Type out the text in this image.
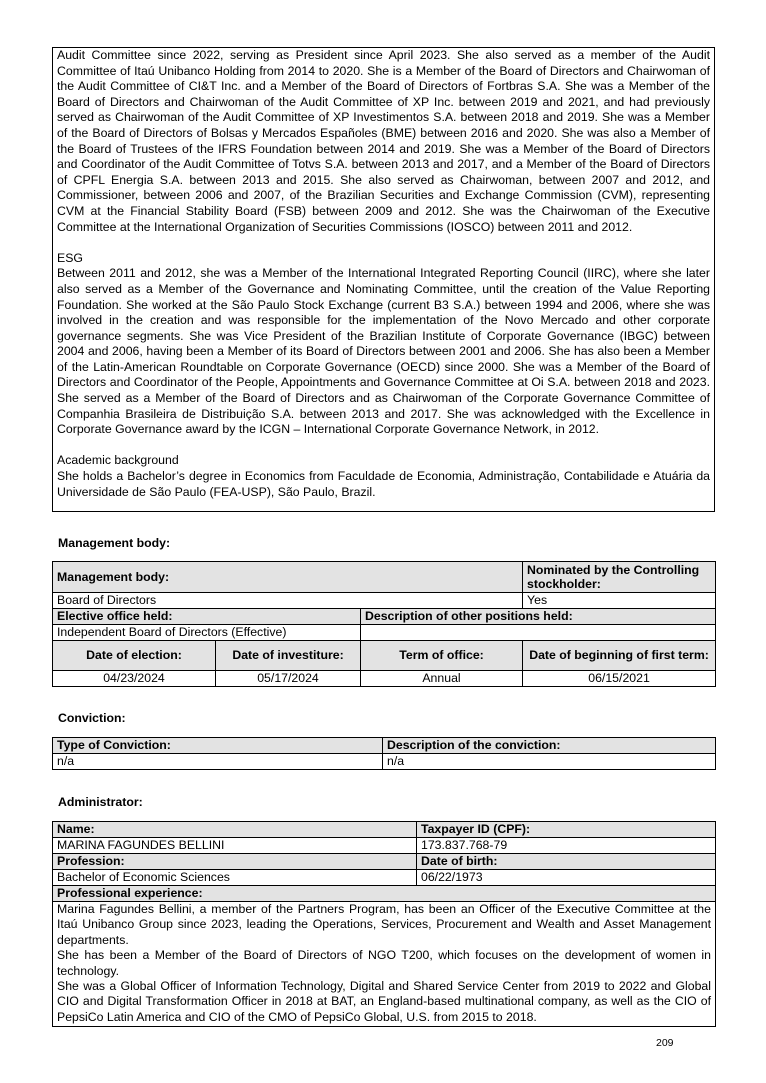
Audit Committee since 2022, serving as President since April 2023. She also served as a member of the Audit Committee of Itaú Unibanco Holding from 2014 to 2020. She is a Member of the Board of Directors and Chairwoman of the Audit Committee of CI&T Inc. and a Member of the Board of Directors of Fortbras S.A. She was a Member of the Board of Directors and Chairwoman of the Audit Committee of XP Inc. between 2019 and 2021, and had previously served as Chairwoman of the Audit Committee of XP Investimentos S.A. between 2018 and 2019. She was a Member of the Board of Directors of Bolsas y Mercados Españoles (BME) between 2016 and 2020. She was also a Member of the Board of Trustees of the IFRS Foundation between 2014 and 2019. She was a Member of the Board of Directors and Coordinator of the Audit Committee of Totvs S.A. between 2013 and 2017, and a Member of the Board of Directors of CPFL Energia S.A. between 2013 and 2015. She also served as Chairwoman, between 2007 and 2012, and Commissioner, between 2006 and 2007, of the Brazilian Securities and Exchange Commission (CVM), representing CVM at the Financial Stability Board (FSB) between 2009 and 2012. She was the Chairwoman of the Executive Committee at the International Organization of Securities Commissions (IOSCO) between 2011 and 2012.

ESG

Between 2011 and 2012, she was a Member of the International Integrated Reporting Council (IIRC), where she later also served as a Member of the Governance and Nominating Committee, until the creation of the Value Reporting Foundation. She worked at the São Paulo Stock Exchange (current B3 S.A.) between 1994 and 2006, where she was involved in the creation and was responsible for the implementation of the Novo Mercado and other corporate governance segments. She was Vice President of the Brazilian Institute of Corporate Governance (IBGC) between 2004 and 2006, having been a Member of its Board of Directors between 2001 and 2006. She has also been a Member of the Latin-American Roundtable on Corporate Governance (OECD) since 2000. She was a Member of the Board of Directors and Coordinator of the People, Appointments and Governance Committee at Oi S.A. between 2018 and 2023. She served as a Member of the Board of Directors and as Chairwoman of the Corporate Governance Committee of Companhia Brasileira de Distribuição S.A. between 2013 and 2017. She was acknowledged with the Excellence in Corporate Governance award by the ICGN – International Corporate Governance Network, in 2012.

Academic background

She holds a Bachelor’s degree in Economics from Faculdade de Economia, Administração, Contabilidade e Atuária da Universidade de São Paulo (FEA-USP), São Paulo, Brazil.

Management body:
Management body:			Nominated by the Controlling stockholder:
Board of Directors			Yes
Elective office held:		Description of other positions held:	
Independent Board of Directors (Effective)			
Date of election:	Date of investiture:	Term of office:	Date of beginning of first term:
04/23/2024	05/17/2024	Annual	06/15/2021
Conviction:
Type of Conviction:	Description of the conviction:
n/a	n/a
Administrator:
Name:	Taxpayer ID (CPF):
MARINA FAGUNDES BELLINI	173.837.768-79
Profession:	Date of birth:
Bachelor of Economic Sciences	06/22/1973
Professional experience:	

Marina Fagundes Bellini, a member of the Partners Program, has been an Officer of the Executive Committee at the Itaú Unibanco Group since 2023, leading the Operations, Services, Procurement and Wealth and Asset Management departments.
She has been a Member of the Board of Directors of NGO T200, which focuses on the development of women in technology.
She was a Global Officer of Information Technology, Digital and Shared Service Center from 2019 to 2022 and Global CIO and Digital Transformation Officer in 2018 at BAT, an England-based multinational company, as well as the CIO of PepsiCo Latin America and CIO of the CMO of PepsiCo Global, U.S. from 2015 to 2018.	
209
